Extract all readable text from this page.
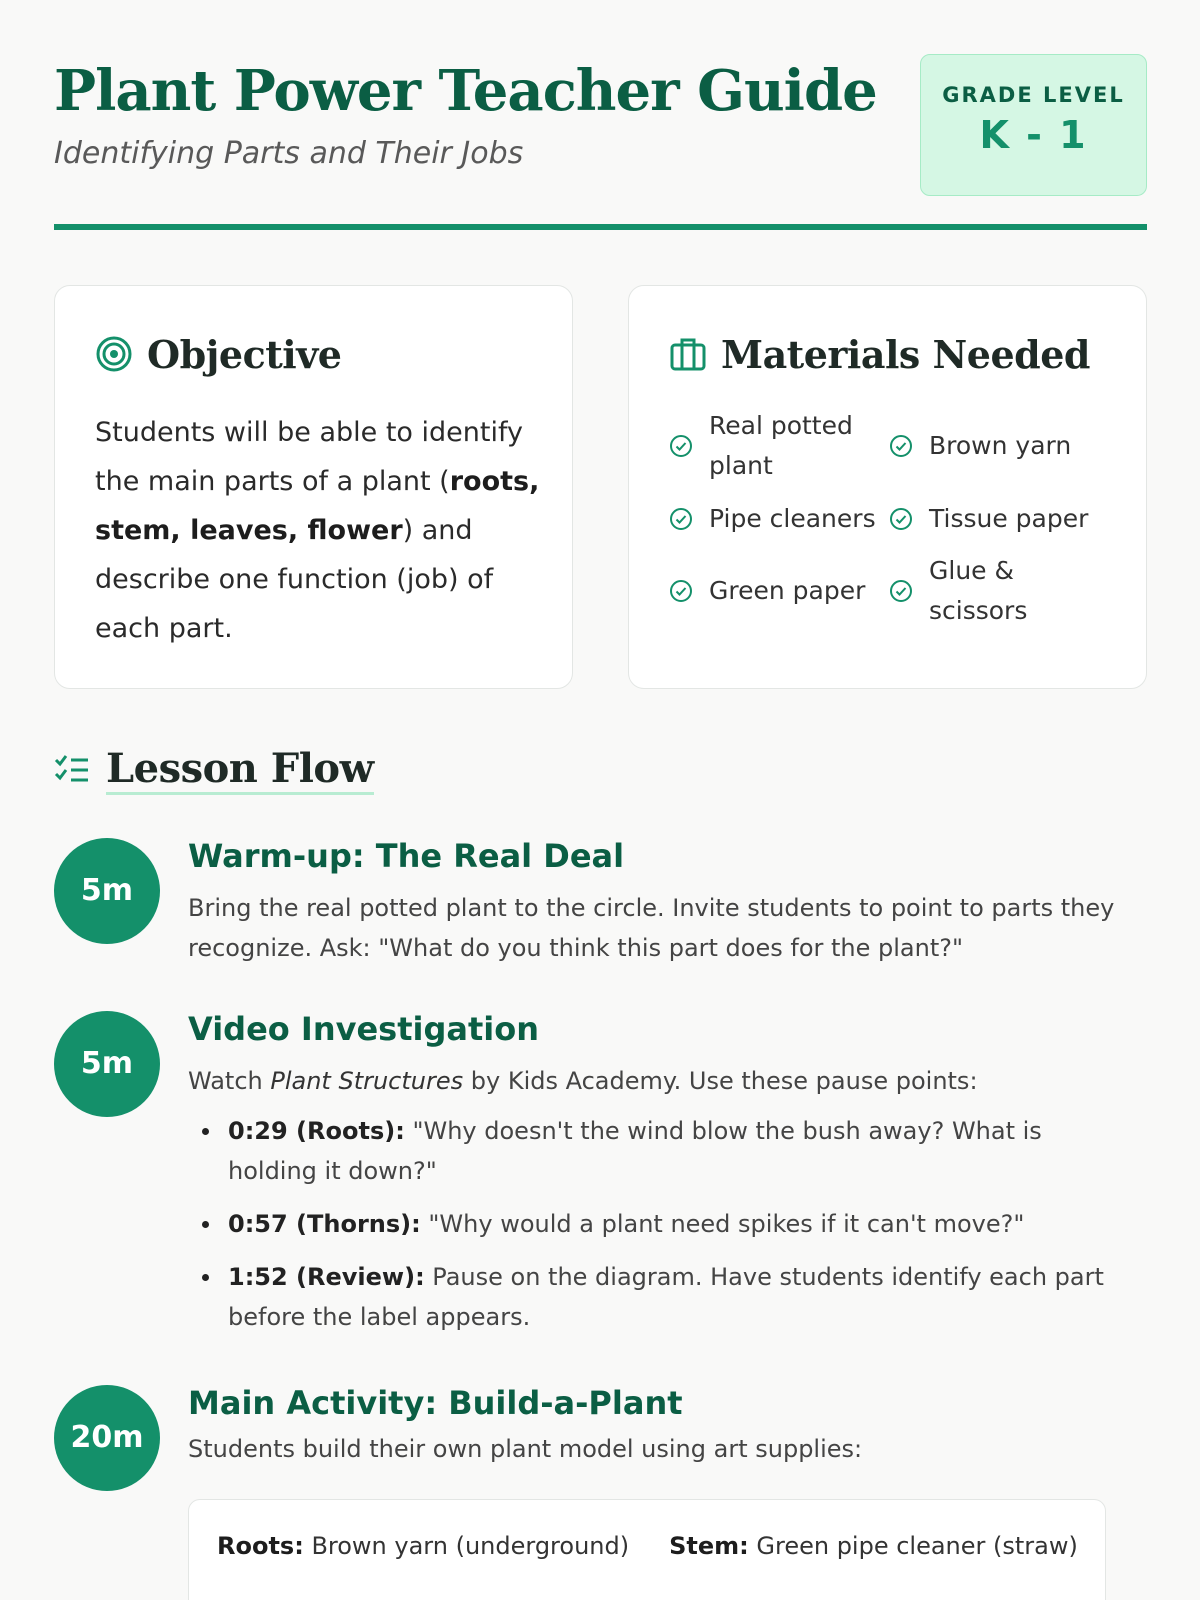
Plant Power Teacher Guide
Identifying Parts and Their Jobs
GRADE LEVEL
K - 1
Objective

Students will be able to identify the main parts of a plant (roots, stem, leaves, flower) and describe one function (job) of each part.

Materials Needed
Real potted plant
Brown yarn
Pipe cleaners Tissue paper
Green paper
Glue & scissors
Lesson Flow
5m
Warm-up: The Real Deal

Bring the real potted plant to the circle. Invite students to point to parts they recognize. Ask: "What do you think this part does for the plant?"

5m
Video Investigation

Watch Plant Structures by Kids Academy. Use these pause points:

0:29 (Roots): "Why doesn't the wind blow the bush away? What is holding it down?"
0:57 (Thorns): "Why would a plant need spikes if it can't move?"
1:52 (Review): Pause on the diagram. Have students identify each part before the label appears.
20m
Main Activity: Build-a-Plant

Students build their own plant model using art supplies:

Roots: Brown yarn (underground) Stem: Green pipe cleaner (straw)
